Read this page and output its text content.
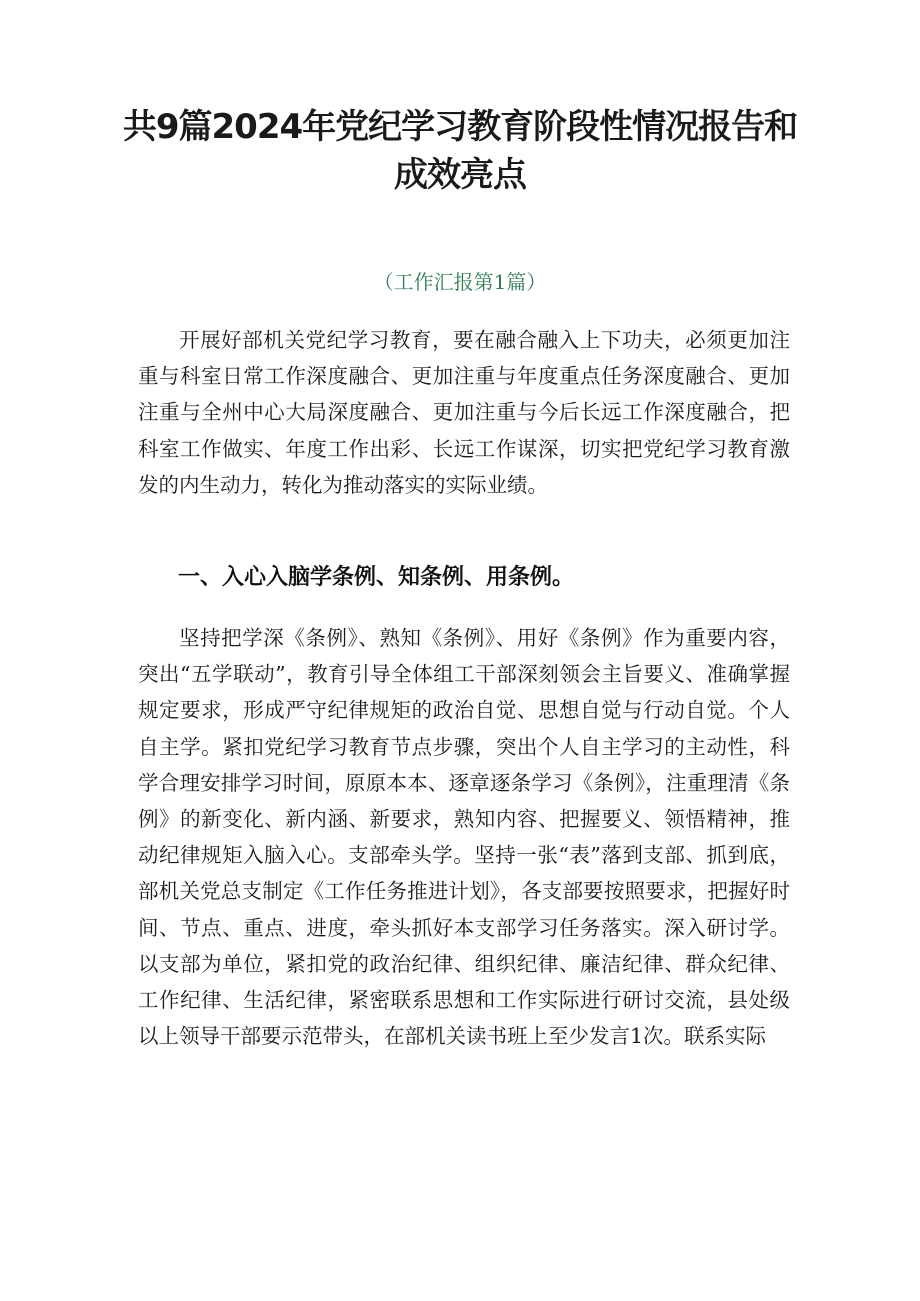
共9篇2024年党纪学习教育阶段性情况报告和成效亮点

（工作汇报第1篇）

开展好部机关党纪学习教育，要在融合融入上下功夫，必须更加注重与科室日常工作深度融合、更加注重与年度重点任务深度融合、更加注重与全州中心大局深度融合、更加注重与今后长远工作深度融合，把科室工作做实、年度工作出彩、长远工作谋深，切实把党纪学习教育激发的内生动力，转化为推动落实的实际业绩。

一、入心入脑学条例、知条例、用条例。

坚持把学深《条例》、熟知《条例》、用好《条例》作为重要内容，突出“五学联动”，教育引导全体组工干部深刻领会主旨要义、准确掌握规定要求，形成严守纪律规矩的政治自觉、思想自觉与行动自觉。个人自主学。紧扣党纪学习教育节点步骤，突出个人自主学习的主动性，科学合理安排学习时间，原原本本、逐章逐条学习《条例》，注重理清《条例》的新变化、新内涵、新要求，熟知内容、把握要义、领悟精神，推动纪律规矩入脑入心。支部牵头学。坚持一张“表”落到支部、抓到底，部机关党总支制定《工作任务推进计划》，各支部要按照要求，把握好时间、节点、重点、进度，牵头抓好本支部学习任务落实。深入研讨学。以支部为单位，紧扣党的政治纪律、组织纪律、廉洁纪律、群众纪律、工作纪律、生活纪律，紧密联系思想和工作实际进行研讨交流，县处级以上领导干部要示范带头，在部机关读书班上至少发言1次。联系实际
